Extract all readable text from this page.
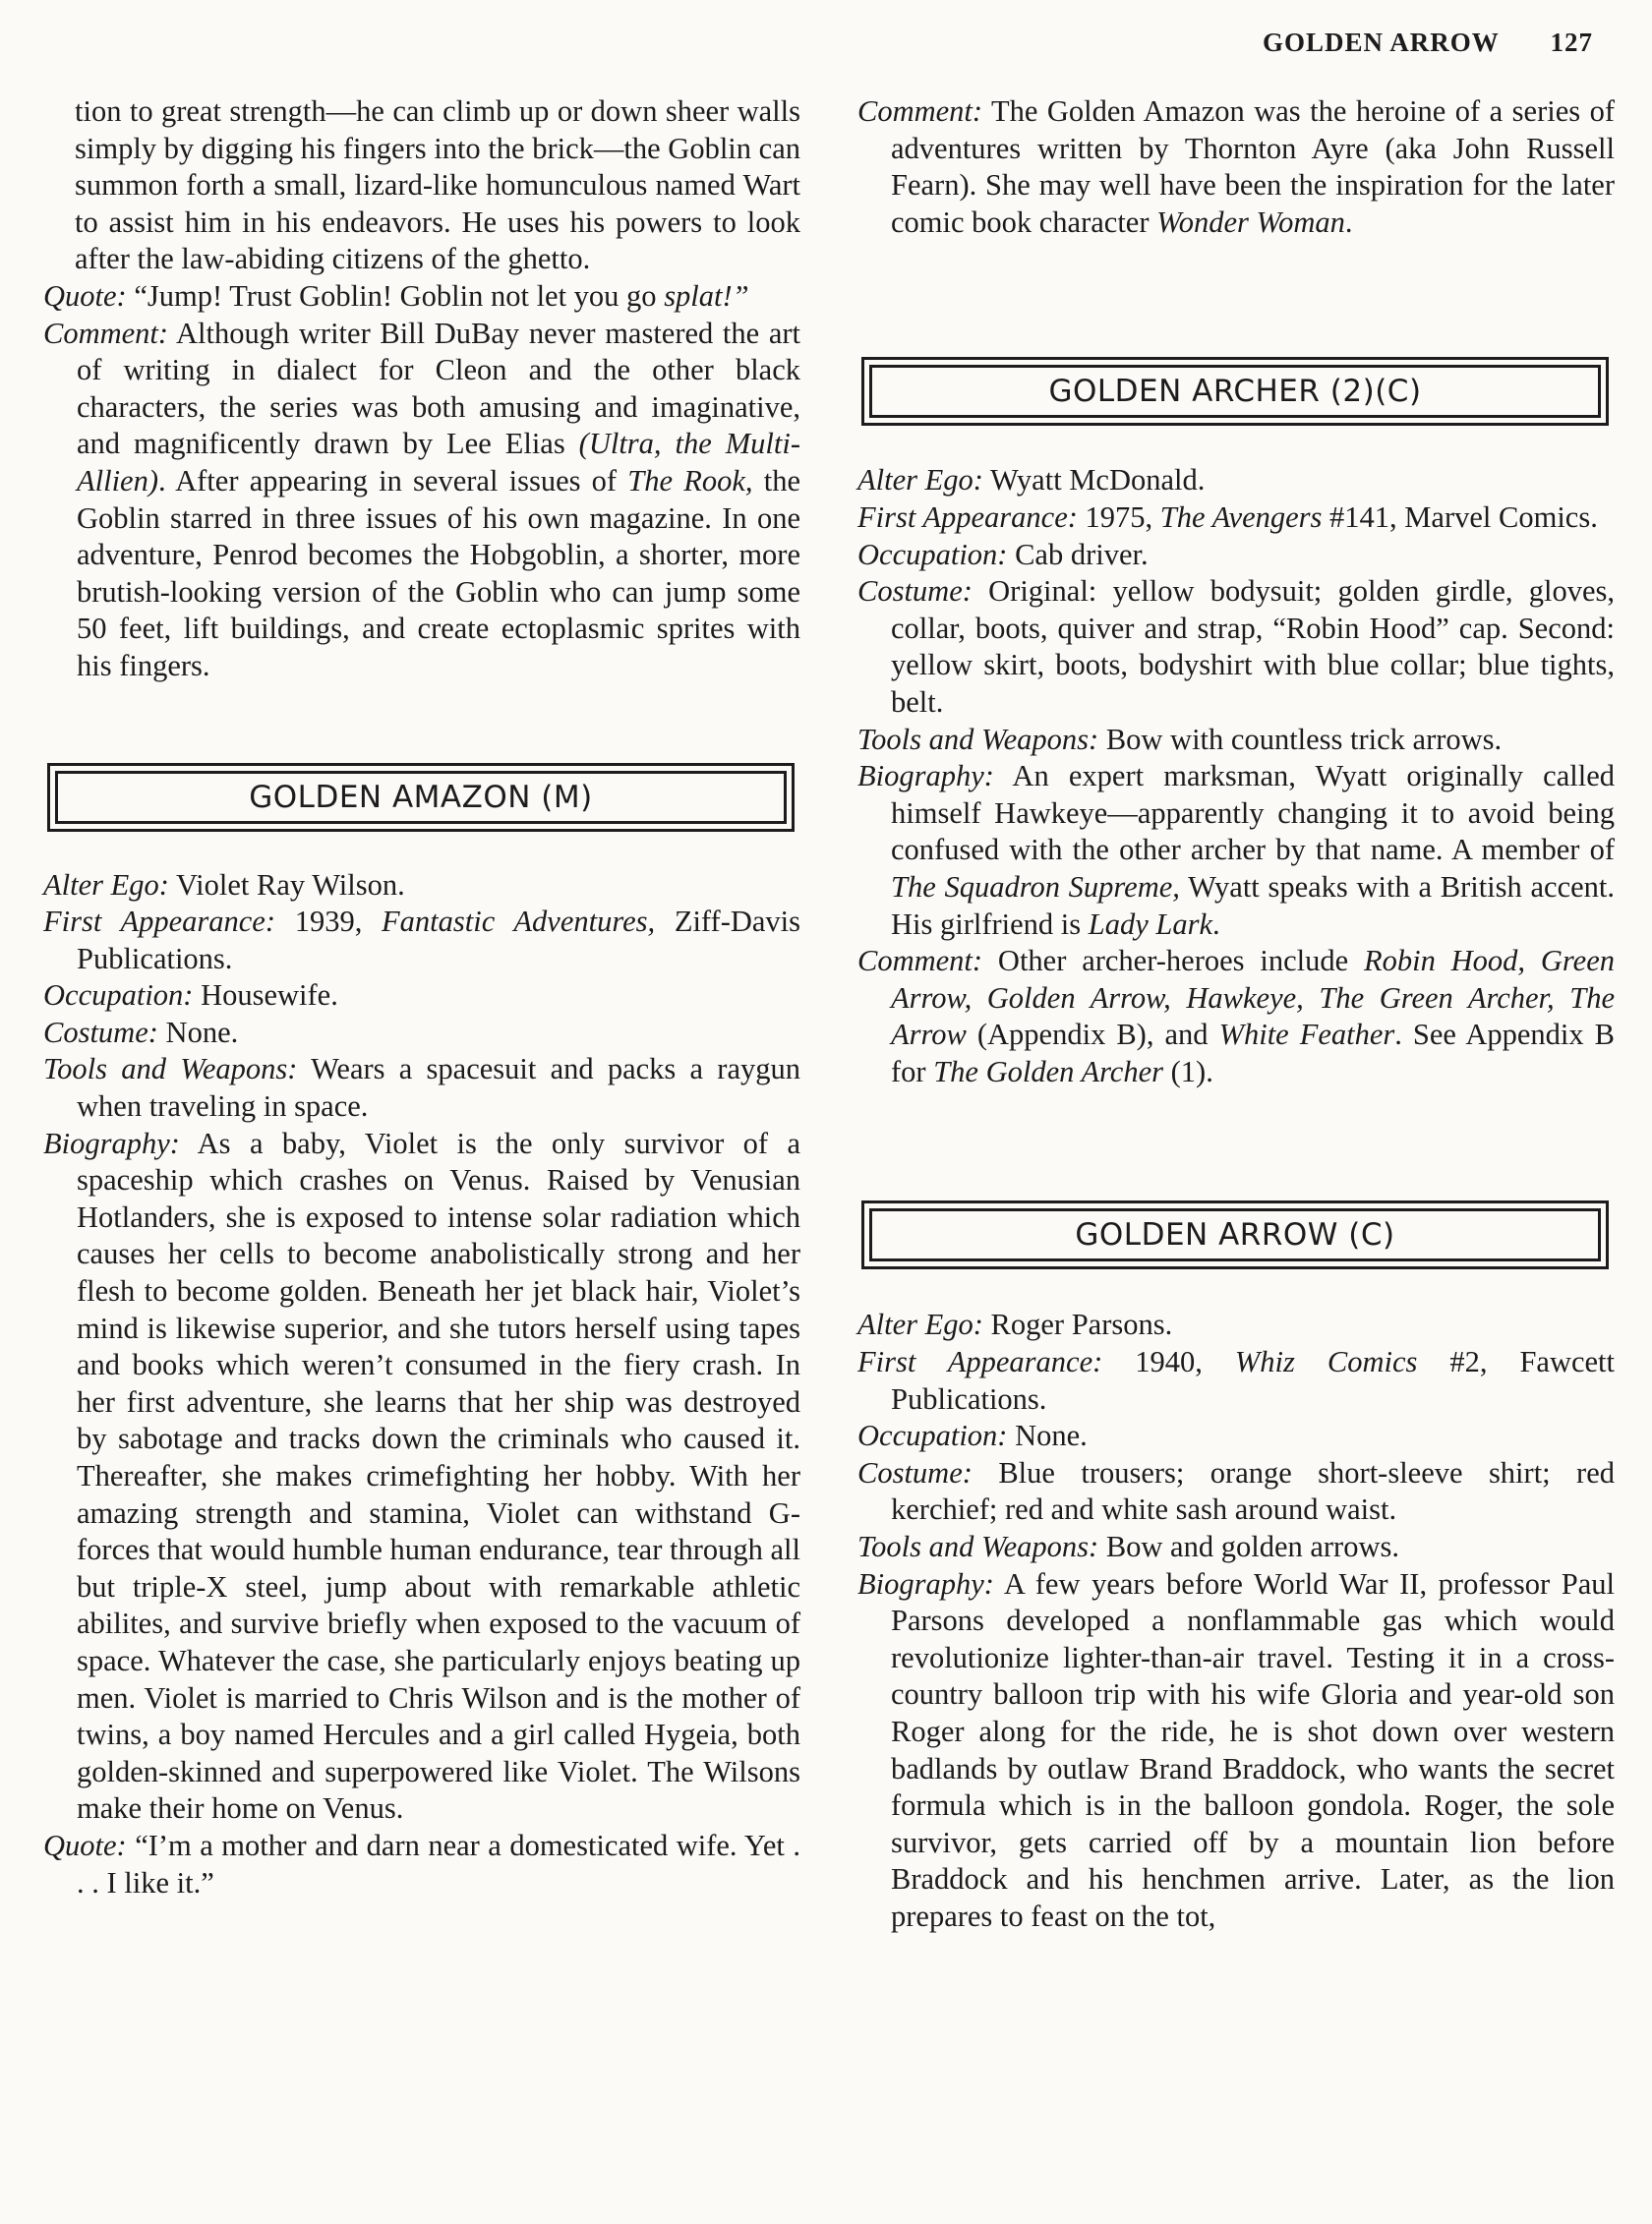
GOLDEN ARROW 127

tion to great strength—he can climb up or down sheer walls simply by digging his fingers into the brick—the Goblin can summon forth a small, lizard-like homunculous named Wart to assist him in his endeavors. He uses his powers to look after the law-abiding citizens of the ghetto.

Quote: “Jump! Trust Goblin! Goblin not let you go splat!”

Comment: Although writer Bill DuBay never mastered the art of writing in dialect for Cleon and the other black characters, the series was both amusing and imaginative, and magnificently drawn by Lee Elias (Ultra, the Multi-Allien). After appearing in several issues of The Rook, the Goblin starred in three issues of his own magazine. In one adventure, Penrod becomes the Hobgoblin, a shorter, more brutish-looking version of the Goblin who can jump some 50 feet, lift buildings, and create ectoplasmic sprites with his fingers.

GOLDEN AMAZON (M)

Alter Ego: Violet Ray Wilson.

First Appearance: 1939, Fantastic Adventures, Ziff-Davis Publications.

Occupation: Housewife.

Costume: None.

Tools and Weapons: Wears a spacesuit and packs a raygun when traveling in space.

Biography: As a baby, Violet is the only survivor of a spaceship which crashes on Venus. Raised by Venusian Hotlanders, she is exposed to intense solar radiation which causes her cells to become anabolistically strong and her flesh to become golden. Beneath her jet black hair, Violet’s mind is likewise superior, and she tutors herself using tapes and books which weren’t consumed in the fiery crash. In her first adventure, she learns that her ship was destroyed by sabotage and tracks down the criminals who caused it. Thereafter, she makes crimefighting her hobby. With her amazing strength and stamina, Violet can withstand G-forces that would humble human endurance, tear through all but triple-X steel, jump about with remarkable athletic abilites, and survive briefly when exposed to the vacuum of space. Whatever the case, she particularly enjoys beating up men. Violet is married to Chris Wilson and is the mother of twins, a boy named Hercules and a girl called Hygeia, both golden-skinned and superpowered like Violet. The Wilsons make their home on Venus.

Quote: “I’m a mother and darn near a domesticated wife. Yet . . . I like it.”

Comment: The Golden Amazon was the heroine of a series of adventures written by Thornton Ayre (aka John Russell Fearn). She may well have been the inspiration for the later comic book character Wonder Woman.

GOLDEN ARCHER (2)(C)

Alter Ego: Wyatt McDonald.

First Appearance: 1975, The Avengers #141, Marvel Comics.

Occupation: Cab driver.

Costume: Original: yellow bodysuit; golden girdle, gloves, collar, boots, quiver and strap, “Robin Hood” cap. Second: yellow skirt, boots, bodyshirt with blue collar; blue tights, belt.

Tools and Weapons: Bow with countless trick arrows.

Biography: An expert marksman, Wyatt originally called himself Hawkeye—apparently changing it to avoid being confused with the other archer by that name. A member of The Squadron Supreme, Wyatt speaks with a British accent. His girlfriend is Lady Lark.

Comment: Other archer-heroes include Robin Hood, Green Arrow, Golden Arrow, Hawkeye, The Green Archer, The Arrow (Appendix B), and White Feather. See Appendix B for The Golden Archer (1).

GOLDEN ARROW (C)

Alter Ego: Roger Parsons.

First Appearance: 1940, Whiz Comics #2, Fawcett Publications.

Occupation: None.

Costume: Blue trousers; orange short-sleeve shirt; red kerchief; red and white sash around waist.

Tools and Weapons: Bow and golden arrows.

Biography: A few years before World War II, professor Paul Parsons developed a nonflammable gas which would revolutionize lighter-than-air travel. Testing it in a cross-country balloon trip with his wife Gloria and year-old son Roger along for the ride, he is shot down over western badlands by outlaw Brand Braddock, who wants the secret formula which is in the balloon gondola. Roger, the sole survivor, gets carried off by a mountain lion before Braddock and his henchmen arrive. Later, as the lion prepares to feast on the tot,
